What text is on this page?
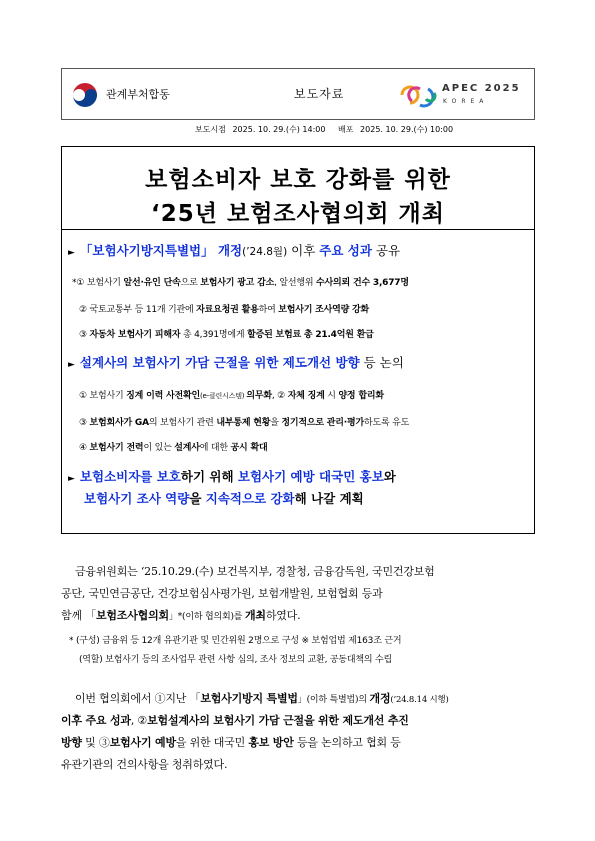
관계부처합동	보도자료	APEC 2025
KOREA
보도시점 2025. 10. 29.(수) 14:00 배포 2025. 10. 29.(수) 10:00
보험소비자 보호 강화를 위한
‘25년 보험조사협의회 개최
► 「보험사기방지특별법」 개정(’24.8월) 이후 주요 성과 공유
*① 보험사기 알선·유인 단속으로 보험사기 광고 감소, 알선행위 수사의뢰 건수 3,677명
② 국토교통부 등 11개 기관에 자료요청권 활용하여 보험사기 조사역량 강화
③ 자동차 보험사기 피해자 총 4,391명에게 할증된 보험료 총 21.4억원 환급
► 설계사의 보험사기 가담 근절을 위한 제도개선 방향 등 논의
① 보험사기 징계 이력 사전확인(e-클린시스템) 의무화, ② 자체 징계 시 양정 합리화
③ 보험회사가 GA의 보험사기 관련 내부통제 현황을 정기적으로 관리·평가하도록 유도
④ 보험사기 전력이 있는 설계사에 대한 공시 확대
► 보험소비자를 보호하기 위해 보험사기 예방 대국민 홍보와
보험사기 조사 역량을 지속적으로 강화해 나갈 계획
금융위원회는 ‘25.10.29.(수) 보건복지부, 경찰청, 금융감독원, 국민건강보험
공단, 국민연금공단, 건강보험심사평가원, 보험개발원, 보험협회 등과
함께 「보험조사협의회」*(이하 협의회)를 개최하였다.
* (구성) 금융위 등 12개 유관기관 및 민간위원 2명으로 구성 ※ 보험업법 제163조 근거
(역할) 보험사기 등의 조사업무 관련 사항 심의, 조사 정보의 교환, 공동대책의 수립
이번 협의회에서 ①지난 「보험사기방지 특별법」(이하 특별법)의 개정(’24.8.14 시행)
이후 주요 성과, ②보험설계사의 보험사기 가담 근절을 위한 제도개선 추진
방향 및 ③보험사기 예방을 위한 대국민 홍보 방안 등을 논의하고 협회 등
유관기관의 건의사항을 청취하였다.
